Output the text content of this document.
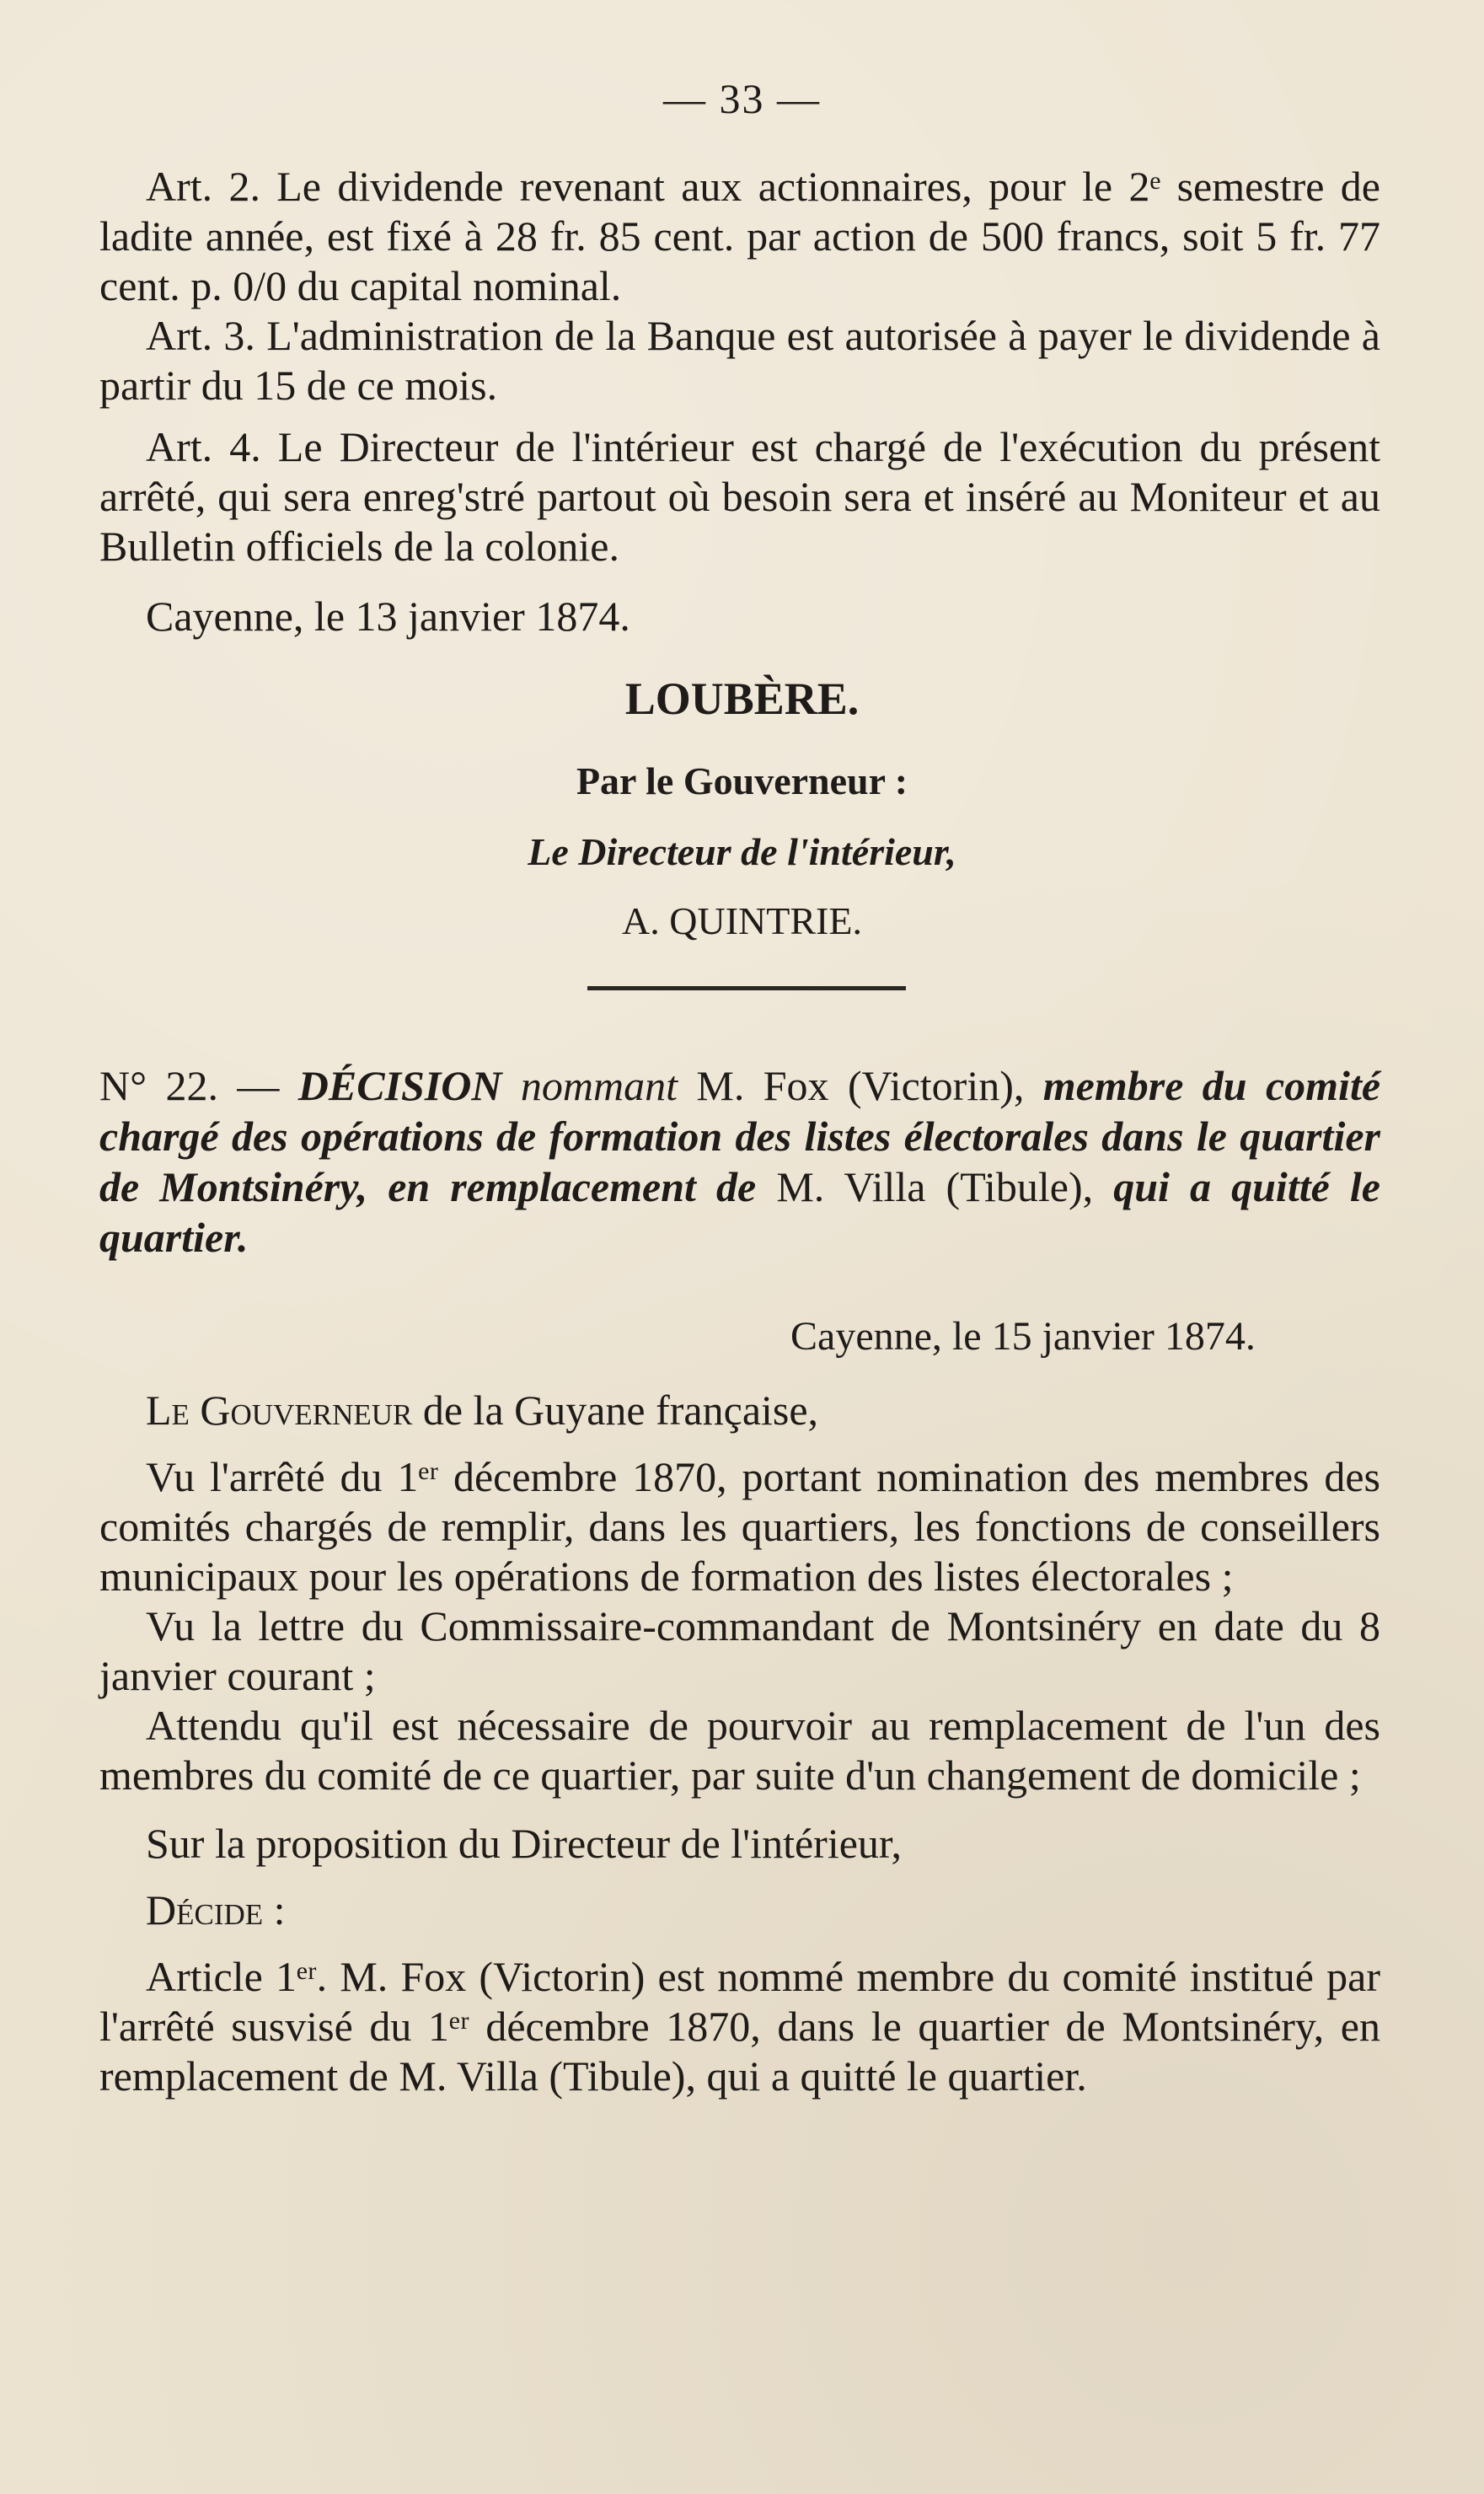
— 33 —

Art. 2. Le dividende revenant aux actionnaires, pour le 2ᵉ semestre de ladite année, est fixé à 28 fr. 85 cent. par action de 500 francs, soit 5 fr. 77 cent. p. 0/0 du capital nominal.

Art. 3. L'administration de la Banque est autorisée à payer le dividende à partir du 15 de ce mois.

Art. 4. Le Directeur de l'intérieur est chargé de l'exécution du présent arrêté, qui sera enreg'stré partout où besoin sera et inséré au Moniteur et au Bulletin officiels de la colonie.

Cayenne, le 13 janvier 1874.

LOUBÈRE.
Par le Gouverneur :
Le Directeur de l'intérieur,
A. QUINTRIE.
N° 22. — DÉCISION nommant M. Fox (Victorin), membre du comité chargé des opérations de formation des listes électorales dans le quartier de Montsinéry, en remplacement de M. Villa (Tibule), qui a quitté le quartier.
Cayenne, le 15 janvier 1874.

Le Gouverneur de la Guyane française,

Vu l'arrêté du 1ᵉʳ décembre 1870, portant nomination des membres des comités chargés de remplir, dans les quartiers, les fonctions de conseillers municipaux pour les opérations de formation des listes électorales ;

Vu la lettre du Commissaire-commandant de Montsinéry en date du 8 janvier courant ;

Attendu qu'il est nécessaire de pourvoir au remplacement de l'un des membres du comité de ce quartier, par suite d'un changement de domicile ;

Sur la proposition du Directeur de l'intérieur,

Décide :

Article 1ᵉʳ. M. Fox (Victorin) est nommé membre du comité institué par l'arrêté susvisé du 1ᵉʳ décembre 1870, dans le quartier de Montsinéry, en remplacement de M. Villa (Tibule), qui a quitté le quartier.
